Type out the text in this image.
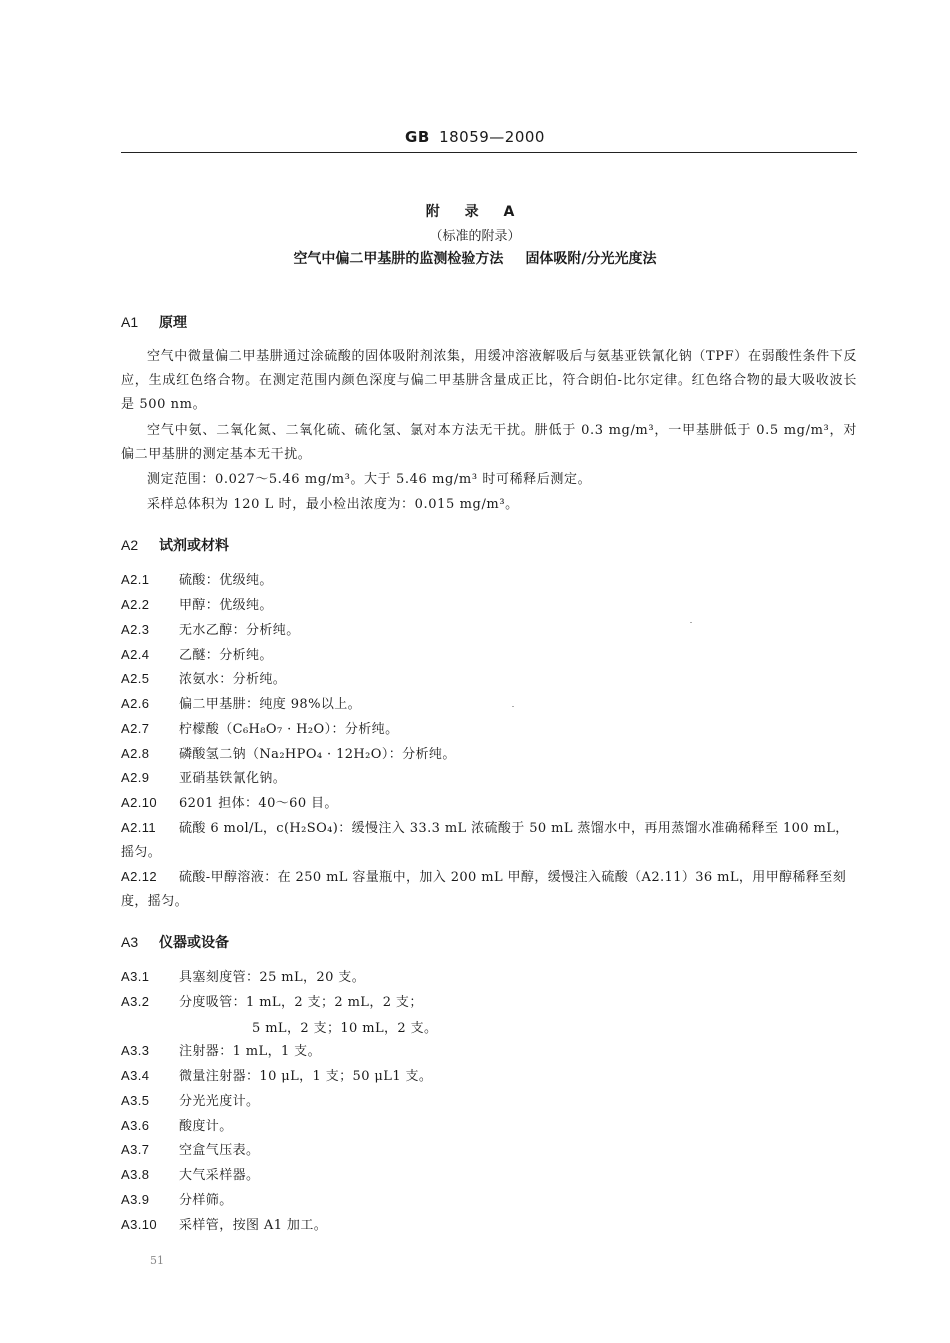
GB 18059—2000
附 录 A
（标准的附录）
空气中偏二甲基肼的监测检验方法 固体吸附/分光光度法
A1 原理
空气中微量偏二甲基肼通过涂硫酸的固体吸附剂浓集，用缓冲溶液解吸后与氨基亚铁氰化钠（TPF）在弱酸性条件下反应，生成红色络合物。在测定范围内颜色深度与偏二甲基肼含量成正比，符合朗伯-比尔定律。红色络合物的最大吸收波长是 500 nm。
空气中氨、二氧化氮、二氧化硫、硫化氢、氯对本方法无干扰。肼低于 0.3 mg/m³，一甲基肼低于 0.5 mg/m³，对偏二甲基肼的测定基本无干扰。
测定范围：0.027～5.46 mg/m³。大于 5.46 mg/m³ 时可稀释后测定。
采样总体积为 120 L 时，最小检出浓度为：0.015 mg/m³。
A2 试剂或材料
A2.1 硫酸：优级纯。
A2.2 甲醇：优级纯。
A2.3 无水乙醇：分析纯。
A2.4 乙醚：分析纯。
A2.5 浓氨水：分析纯。
A2.6 偏二甲基肼：纯度 98%以上。
A2.7 柠檬酸（C₆H₈O₇ · H₂O）：分析纯。
A2.8 磷酸氢二钠（Na₂HPO₄ · 12H₂O）：分析纯。
A2.9 亚硝基铁氰化钠。
A2.10 6201 担体：40～60 目。
A2.11 硫酸 6 mol/L，c(H₂SO₄)：缓慢注入 33.3 mL 浓硫酸于 50 mL 蒸馏水中，再用蒸馏水准确稀释至 100 mL，摇匀。
A2.12 硫酸-甲醇溶液：在 250 mL 容量瓶中，加入 200 mL 甲醇，缓慢注入硫酸（A2.11）36 mL，用甲醇稀释至刻度，摇匀。
A3 仪器或设备
A3.1 具塞刻度管：25 mL，20 支。
A3.2 分度吸管：1 mL，2 支；2 mL，2 支；
5 mL，2 支；10 mL，2 支。
A3.3 注射器：1 mL，1 支。
A3.4 微量注射器：10 μL，1 支；50 μL1 支。
A3.5 分光光度计。
A3.6 酸度计。
A3.7 空盒气压表。
A3.8 大气采样器。
A3.9 分样筛。
A3.10 采样管，按图 A1 加工。
51
